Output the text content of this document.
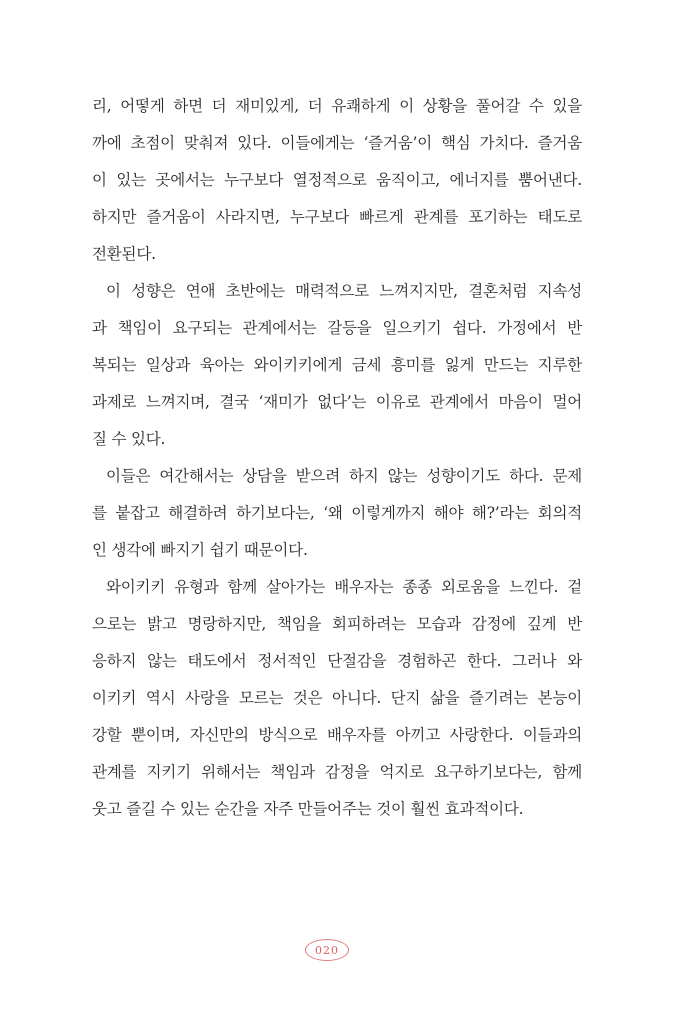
리, 어떻게 하면 더 재미있게, 더 유쾌하게 이 상황을 풀어갈 수 있을
까에 초점이 맞춰져 있다. 이들에게는 ‘즐거움’이 핵심 가치다. 즐거움
이 있는 곳에서는 누구보다 열정적으로 움직이고, 에너지를 뿜어낸다.
하지만 즐거움이 사라지면, 누구보다 빠르게 관계를 포기하는 태도로
전환된다.
이 성향은 연애 초반에는 매력적으로 느껴지지만, 결혼처럼 지속성
과 책임이 요구되는 관계에서는 갈등을 일으키기 쉽다. 가정에서 반
복되는 일상과 육아는 와이키키에게 금세 흥미를 잃게 만드는 지루한
과제로 느껴지며, 결국 ‘재미가 없다’는 이유로 관계에서 마음이 멀어
질 수 있다.
이들은 여간해서는 상담을 받으려 하지 않는 성향이기도 하다. 문제
를 붙잡고 해결하려 하기보다는, ‘왜 이렇게까지 해야 해?’라는 회의적
인 생각에 빠지기 쉽기 때문이다.
와이키키 유형과 함께 살아가는 배우자는 종종 외로움을 느낀다. 겉
으로는 밝고 명랑하지만, 책임을 회피하려는 모습과 감정에 깊게 반
응하지 않는 태도에서 정서적인 단절감을 경험하곤 한다. 그러나 와
이키키 역시 사랑을 모르는 것은 아니다. 단지 삶을 즐기려는 본능이
강할 뿐이며, 자신만의 방식으로 배우자를 아끼고 사랑한다. 이들과의
관계를 지키기 위해서는 책임과 감정을 억지로 요구하기보다는, 함께
웃고 즐길 수 있는 순간을 자주 만들어주는 것이 훨씬 효과적이다.
020
